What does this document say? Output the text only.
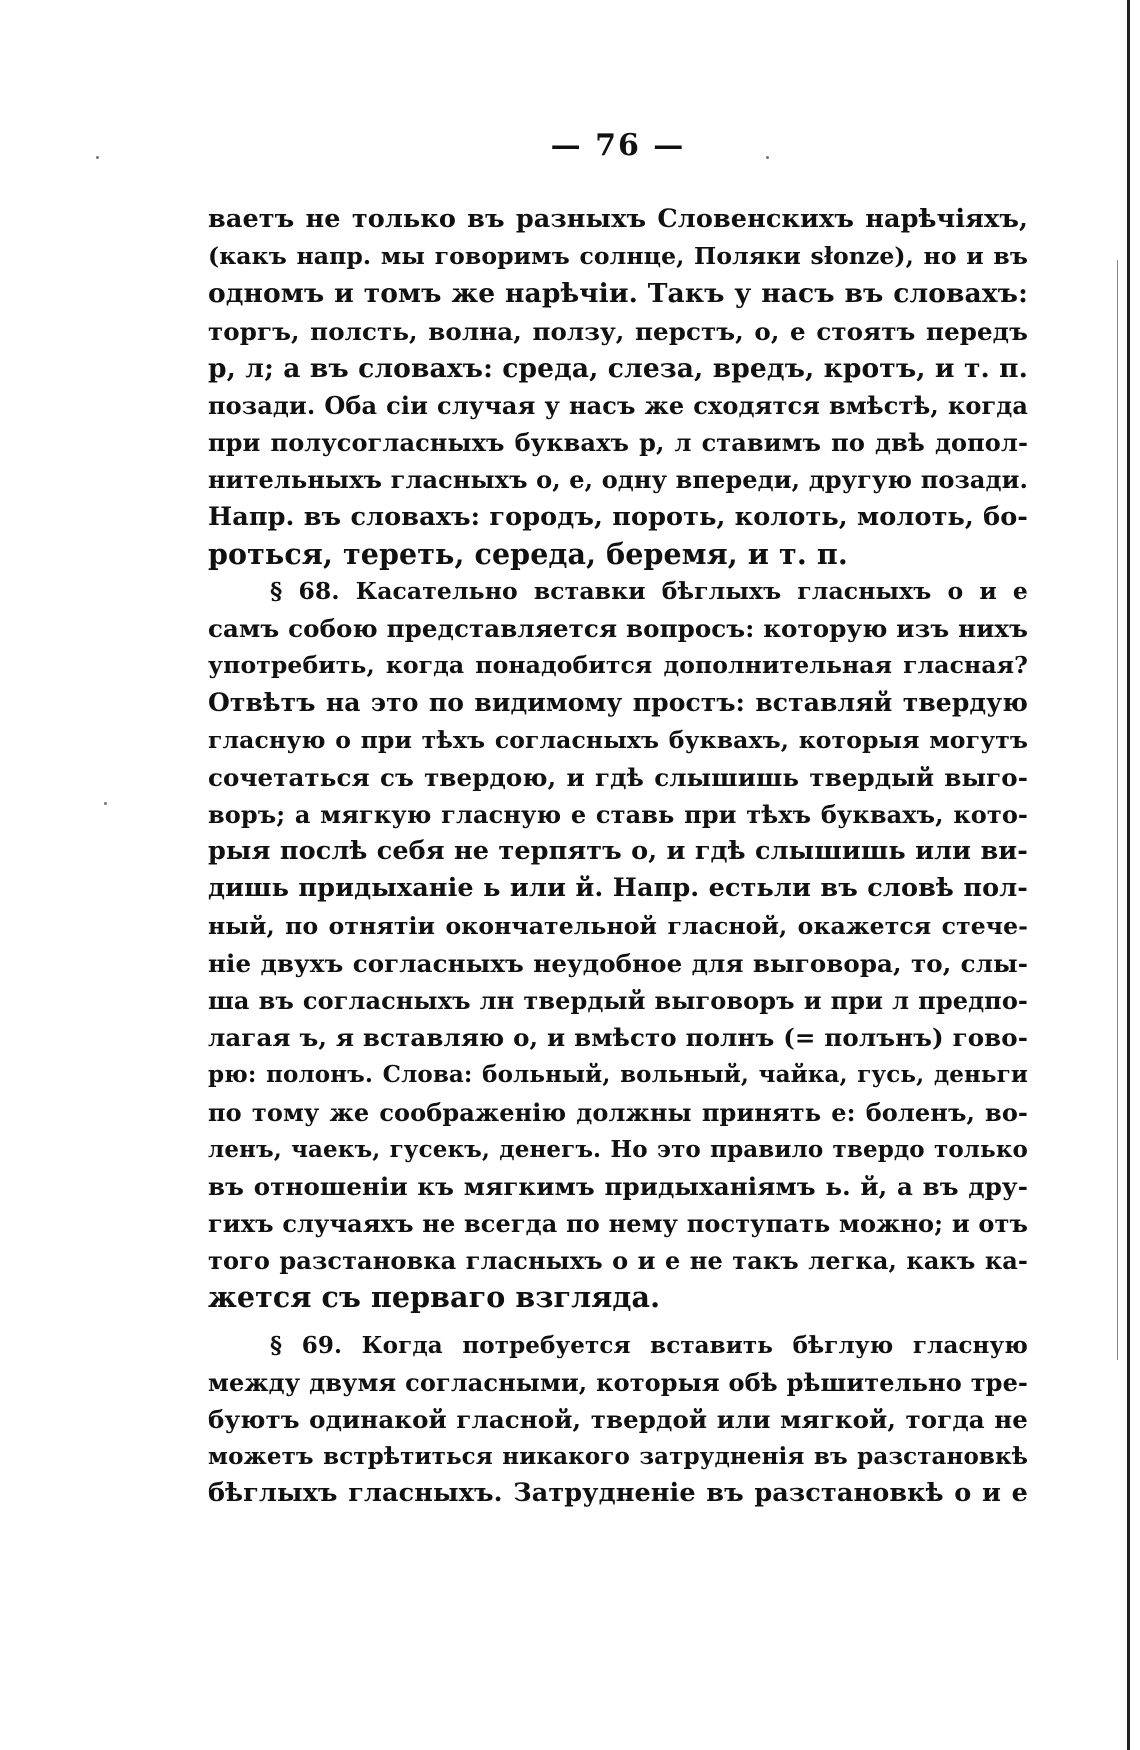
— 76 —
ваетъ не только въ разныхъ Словенскихъ нарѣчіяхъ,
(какъ напр. мы говоримъ солнце, Поляки słonze), но и въ
одномъ и томъ же нарѣчіи. Такъ у насъ въ словахъ:
торгъ, полсть, волна, ползу, перстъ, о, е стоятъ передъ
р, л; а въ словахъ: среда, слеза, вредъ, кротъ, и т. п.
позади. Оба сіи случая у насъ же сходятся вмѣстѣ, когда
при полусогласныхъ буквахъ р, л ставимъ по двѣ допол-
нительныхъ гласныхъ о, е, одну впереди, другую позади.
Напр. въ словахъ: городъ, пороть, колоть, молоть, бо-
роться, тереть, середа, беремя, и т. п.
§ 68. Касательно вставки бѣглыхъ гласныхъ о и е
самъ собою представляется вопросъ: которую изъ нихъ
употребить, когда понадобится дополнительная гласная?
Отвѣтъ на это по видимому простъ: вставляй твердую
гласную о при тѣхъ согласныхъ буквахъ, которыя могутъ
сочетаться съ твердою, и гдѣ слышишь твердый выго-
воръ; а мягкую гласную е ставь при тѣхъ буквахъ, кото-
рыя послѣ себя не терпятъ о, и гдѣ слышишь или ви-
дишь придыханіе ь или й. Напр. естьли въ словѣ пол-
ный, по отнятіи окончательной гласной, окажется стече-
ніе двухъ согласныхъ неудобное для выговора, то, слы-
ша въ согласныхъ лн твердый выговоръ и при л предпо-
лагая ъ, я вставляю о, и вмѣсто полнъ (= полънъ) гово-
рю: полонъ. Слова: больный, вольный, чайка, гусь, деньги
по тому же соображенію должны принять е: боленъ, во-
ленъ, чаекъ, гусекъ, денегъ. Но это правило твердо только
въ отношеніи къ мягкимъ придыханіямъ ь. й, а въ дру-
гихъ случаяхъ не всегда по нему поступать можно; и отъ
того разстановка гласныхъ о и е не такъ легка, какъ ка-
жется съ перваго взгляда.
§ 69. Когда потребуется вставить бѣглую гласную
между двумя согласными, которыя обѣ рѣшительно тре-
буютъ одинакой гласной, твердой или мягкой, тогда не
можетъ встрѣтиться никакого затрудненія въ разстановкѣ
бѣглыхъ гласныхъ. Затрудненіе въ разстановкѣ о и е
